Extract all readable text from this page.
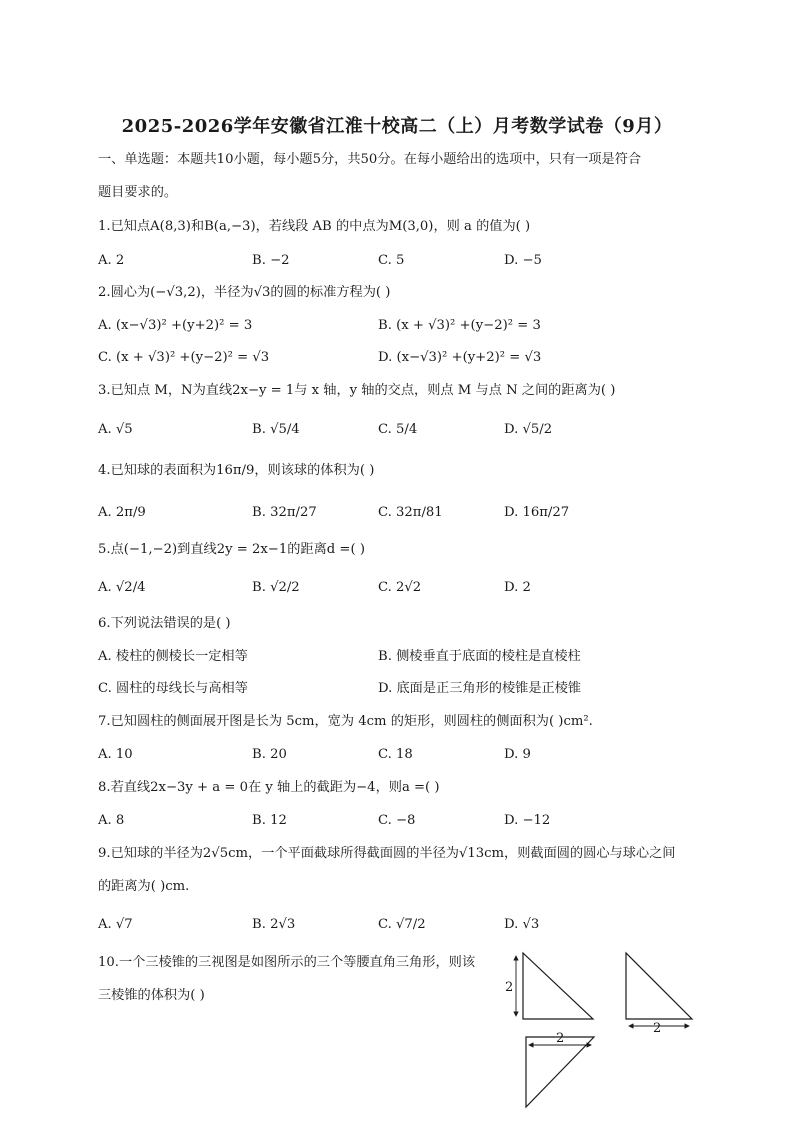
2025-2026学年安徽省江淮十校高二（上）月考数学试卷（9月）
一、单选题：本题共10小题，每小题5分，共50分。在每小题给出的选项中，只有一项是符合
题目要求的。
1.已知点A(8,3)和B(a,−3)，若线段 AB 的中点为M(3,0)，则 a 的值为( )
A. 2	B. −2	C. 5	D. −5
2.圆心为(−√3,2)，半径为√3的圆的标准方程为( )
A. (x−√3)² +(y+2)² = 3	B. (x + √3)² +(y−2)² = 3
C. (x + √3)² +(y−2)² = √3	D. (x−√3)² +(y+2)² = √3
3.已知点 M，N为直线2x−y = 1与 x 轴，y 轴的交点，则点 M 与点 N 之间的距离为( )
A. √5	B. √5/4	C. 5/4	D. √5/2
4.已知球的表面积为16π/9，则该球的体积为( )
A. 2π/9	B. 32π/27	C. 32π/81	D. 16π/27
5.点(−1,−2)到直线2y = 2x−1的距离d =( )
A. √2/4	B. √2/2	C. 2√2	D. 2
6.下列说法错误的是( )
A. 棱柱的侧棱长一定相等	B. 侧棱垂直于底面的棱柱是直棱柱
C. 圆柱的母线长与高相等	D. 底面是正三角形的棱锥是正棱锥
7.已知圆柱的侧面展开图是长为 5cm，宽为 4cm 的矩形，则圆柱的侧面积为( )cm².
A. 10	B. 20	C. 18	D. 9
8.若直线2x−3y + a = 0在 y 轴上的截距为−4，则a =( )
A. 8	B. 12	C. −8	D. −12
9.已知球的半径为2√5cm，一个平面截球所得截面圆的半径为√13cm，则截面圆的圆心与球心之间
的距离为( )cm.
A. √7	B. 2√3	C. √7/2	D. √3
10.一个三棱锥的三视图是如图所示的三个等腰直角三角形，则该
三棱锥的体积为( )
2
2
2
